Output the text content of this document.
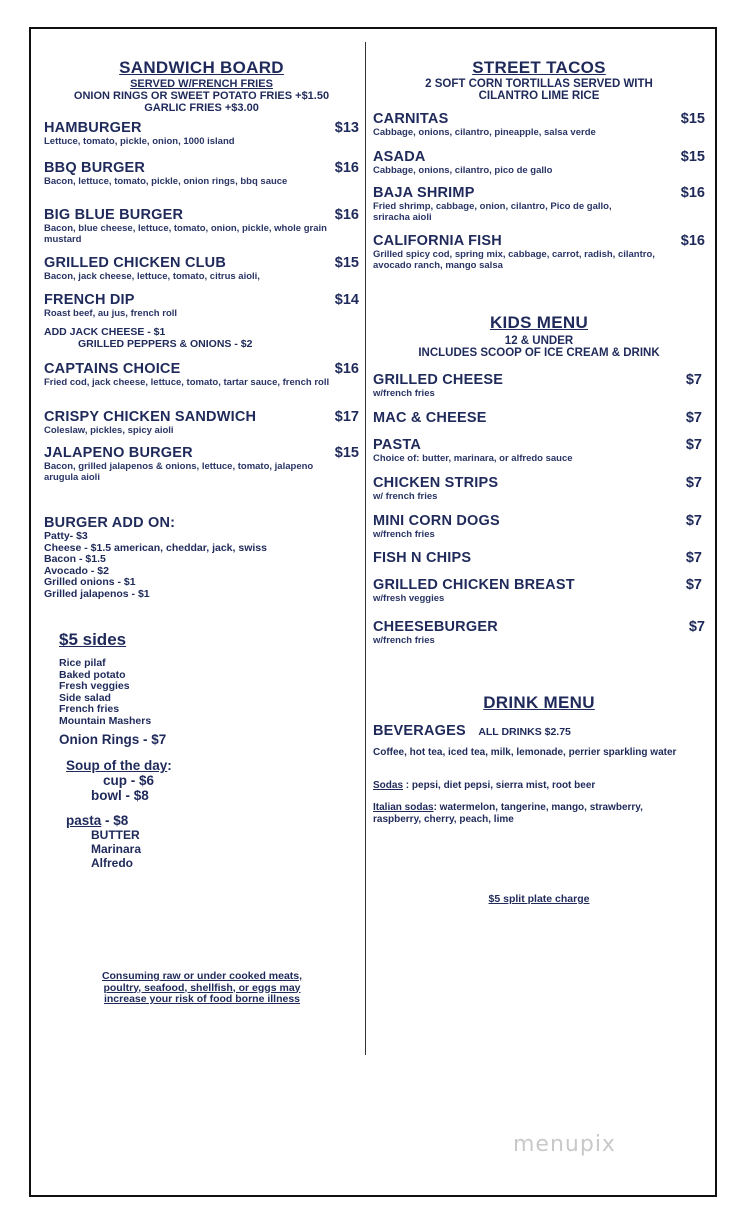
SANDWICH BOARD
SERVED W/FRENCH FRIES
ONION RINGS OR SWEET POTATO FRIES +$1.50
GARLIC FRIES +$3.00
HAMBURGER	$13
Lettuce, tomato, pickle, onion, 1000 island
BBQ BURGER	$16
Bacon, lettuce, tomato, pickle, onion rings, bbq sauce
BIG BLUE BURGER	$16
Bacon, blue cheese, lettuce, tomato, onion, pickle, whole grain mustard
GRILLED CHICKEN CLUB	$15
Bacon, jack cheese, lettuce, tomato, citrus aioli,
FRENCH DIP	$14
Roast beef, au jus, french roll
ADD JACK CHEESE - $1
GRILLED PEPPERS & ONIONS - $2
CAPTAINS CHOICE	$16
Fried cod, jack cheese, lettuce, tomato, tartar sauce, french roll
CRISPY CHICKEN SANDWICH	$17
Coleslaw, pickles, spicy aioli
JALAPENO BURGER	$15
Bacon, grilled jalapenos & onions, lettuce, tomato, jalapeno arugula aioli
BURGER ADD ON:
Patty- $3
Cheese - $1.5 american, cheddar, jack, swiss
Bacon - $1.5
Avocado - $2
Grilled onions - $1
Grilled jalapenos - $1
$5 sides
Rice pilaf
Baked potato
Fresh veggies
Side salad
French fries
Mountain Mashers
Onion Rings - $7
Soup of the day:
cup - $6
bowl - $8
pasta - $8
BUTTER
Marinara
Alfredo
Consuming raw or under cooked meats,
poultry, seafood, shellfish, or eggs may
increase your risk of food borne illness
STREET TACOS
2 SOFT CORN TORTILLAS SERVED WITH
CILANTRO LIME RICE
CARNITAS	$15
Cabbage, onions, cilantro, pineapple, salsa verde
ASADA	$15
Cabbage, onions, cilantro, pico de gallo
BAJA SHRIMP	$16
Fried shrimp, cabbage, onion, cilantro, Pico de gallo, sriracha aioli
CALIFORNIA FISH	$16
Grilled spicy cod, spring mix, cabbage, carrot, radish, cilantro, avocado ranch, mango salsa
KIDS MENU
12 & UNDER
INCLUDES SCOOP OF ICE CREAM & DRINK
GRILLED CHEESE	$7
w/french fries
MAC & CHEESE	$7
PASTA	$7
Choice of: butter, marinara, or alfredo sauce
CHICKEN STRIPS	$7
w/ french fries
MINI CORN DOGS	$7
w/french fries
FISH N CHIPS	$7
GRILLED CHICKEN BREAST	$7
w/fresh veggies
CHEESEBURGER	$7
w/french fries
DRINK MENU
BEVERAGES ALL DRINKS $2.75
Coffee, hot tea, iced tea, milk, lemonade, perrier sparkling water
Sodas : pepsi, diet pepsi, sierra mist, root beer
Italian sodas: watermelon, tangerine, mango, strawberry, raspberry, cherry, peach, lime
$5 split plate charge
menupix
